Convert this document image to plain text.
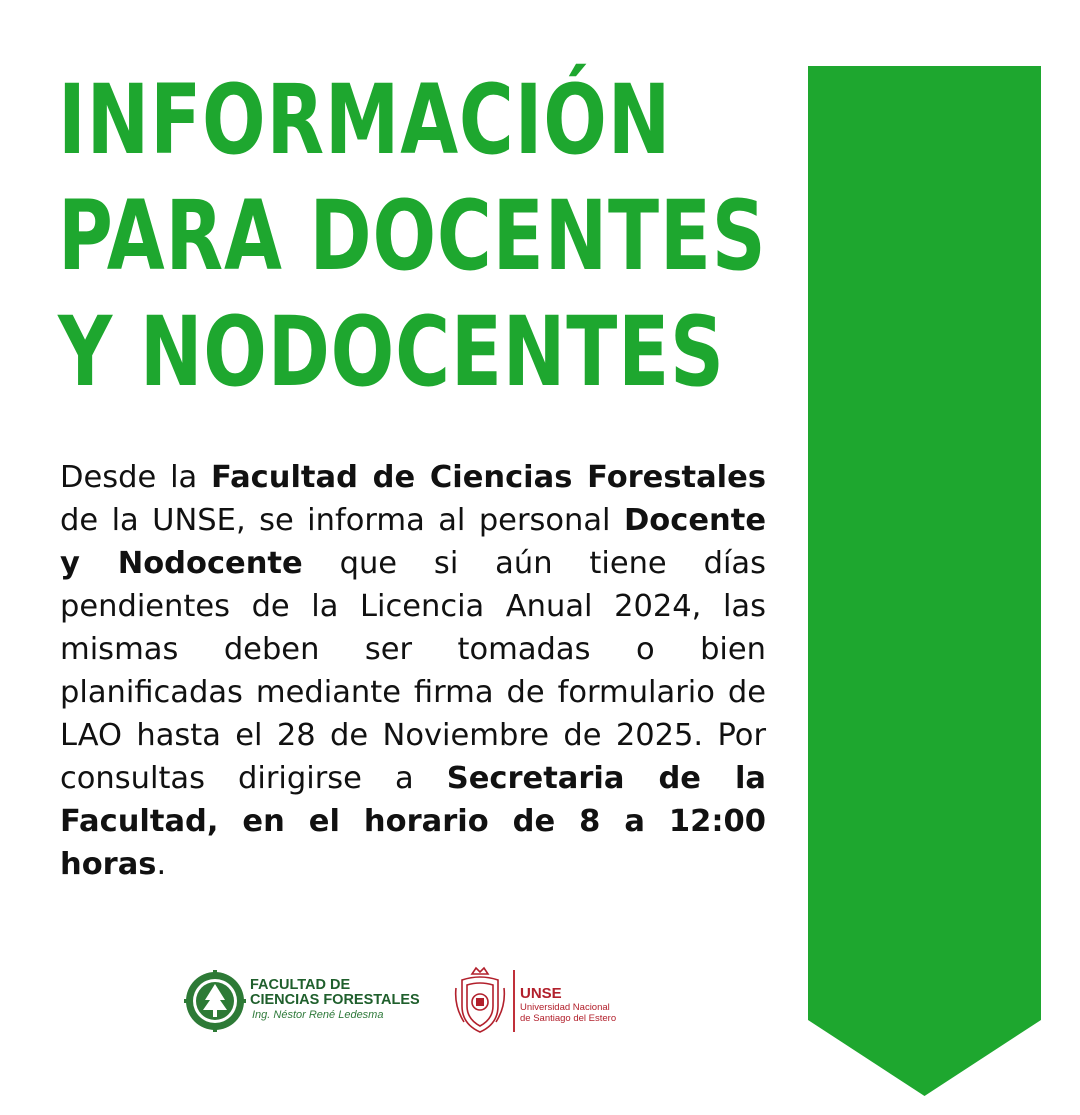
INFORMACIÓN
PARA DOCENTES
Y NODOCENTES

Desde la Facultad de Ciencias Forestales de la UNSE, se informa al personal Docente y Nodocente que si aún tiene días pendientes de la Licencia Anual 2024, las mismas deben ser tomadas o bien planificadas mediante firma de formulario de LAO hasta el 28 de Noviembre de 2025. Por consultas dirigirse a Secretaria de la Facultad, en el horario de 8 a 12:00 horas.

FACULTAD DE
CIENCIAS FORESTALES
Ing. Néstor René Ledesma
UNSE
Universidad Nacional
de Santiago del Estero
